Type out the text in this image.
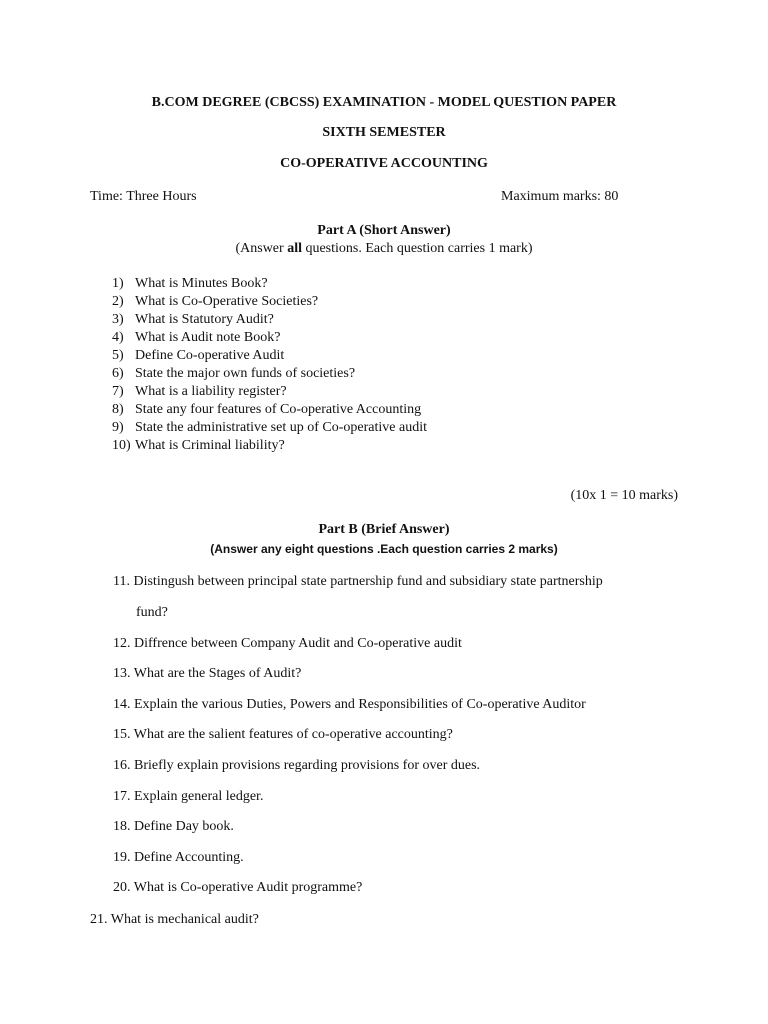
B.COM DEGREE (CBCSS) EXAMINATION - MODEL QUESTION PAPER
SIXTH SEMESTER
CO-OPERATIVE ACCOUNTING
Time: Three Hours	Maximum marks: 80
Part A (Short Answer)
(Answer all questions. Each question carries 1 mark)
1) What is Minutes Book?
2) What is Co-Operative Societies?
3) What is Statutory Audit?
4) What is Audit note Book?
5) Define Co-operative Audit
6) State the major own funds of societies?
7) What is a liability register?
8) State any four features of Co-operative Accounting
9) State the administrative set up of Co-operative audit
10) What is Criminal liability?
(10x 1 = 10 marks)
Part B (Brief Answer)
(Answer any eight questions .Each question carries 2 marks)
11. Distingush between principal state partnership fund and subsidiary state partnership
fund?
12. Diffrence between Company Audit and Co-operative audit
13. What are the Stages of Audit?
14. Explain the various Duties, Powers and Responsibilities of Co-operative Auditor
15. What are the salient features of co-operative accounting?
16. Briefly explain provisions regarding provisions for over dues.
17. Explain general ledger.
18. Define Day book.
19. Define Accounting.
20. What is Co-operative Audit programme?
21. What is mechanical audit?
